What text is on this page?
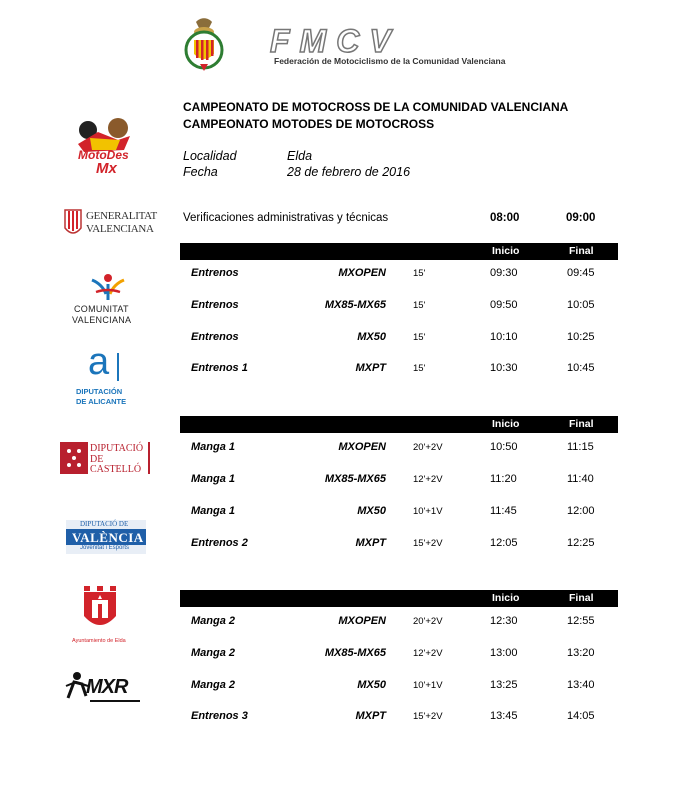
FMCV
Federación de Motociclismo de la Comunidad Valenciana
CAMPEONATO DE MOTOCROSS DE LA COMUNIDAD VALENCIANA
CAMPEONATO MOTODES DE MOTOCROSS
Localidad	Elda
Fecha	28 de febrero de 2016
MotoDes
Mx
GENERALITAT
VALENCIANA
COMUNITAT
VALENCIANA
a
DIPUTACIÓN
DE ALICANTE
DIPUTACIÓ
DE
CASTELLÓ
DIPUTACIÓ DE
VALÈNCIA
Jovenitat i Esports
Ayuntamiento de Elda
MXR
Verificaciones administrativas y técnicas	08:00	09:00
Inicio	Final
Entrenos	MXOPEN	15'	09:30	09:45
Entrenos	MX85-MX65	15'	09:50	10:05
Entrenos	MX50	15'	10:10	10:25
Entrenos 1	MXPT	15'	10:30	10:45
Inicio	Final
Manga 1	MXOPEN	20'+2V	10:50	11:15
Manga 1	MX85-MX65	12'+2V	11:20	11:40
Manga 1	MX50	10'+1V	11:45	12:00
Entrenos 2	MXPT	15'+2V	12:05	12:25
Inicio	Final
Manga 2	MXOPEN	20'+2V	12:30	12:55
Manga 2	MX85-MX65	12'+2V	13:00	13:20
Manga 2	MX50	10'+1V	13:25	13:40
Entrenos 3	MXPT	15'+2V	13:45	14:05
